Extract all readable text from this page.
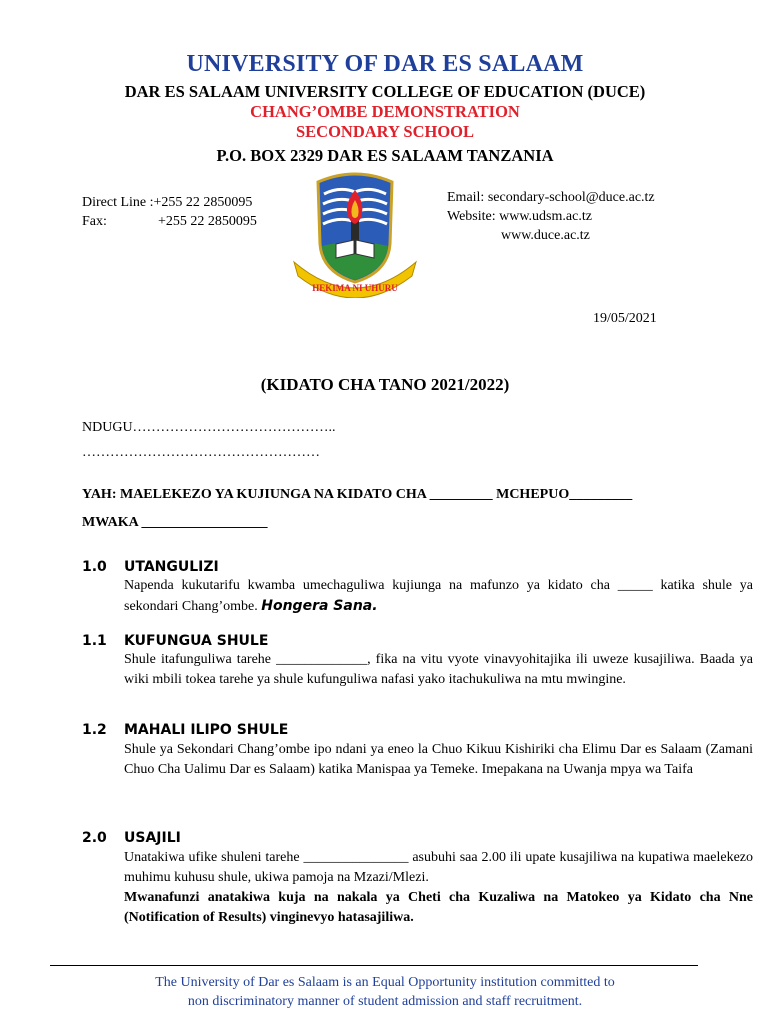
UNIVERSITY OF DAR ES SALAAM
DAR ES SALAAM UNIVERSITY COLLEGE OF EDUCATION (DUCE)
CHANG’OMBE DEMONSTRATION
SECONDARY SCHOOL
P.O. BOX 2329 DAR ES SALAAM TANZANIA
Direct Line :+255 22 2850095
Fax:	+255 22 2850095
Email: secondary-school@duce.ac.tz
Website: www.udsm.ac.tz
www.duce.ac.tz
HEKIMA NI UHURU
19/05/2021
(KIDATO CHA TANO 2021/2022)
NDUGU……………………………………..
……………………………………………
YAH: MAELEKEZO YA KUJIUNGA NA KIDATO CHA _________ MCHEPUO_________
MWAKA __________________
1.0 UTANGULIZI
Napenda kukutarifu kwamba umechaguliwa kujiunga na mafunzo ya kidato cha _____ katika shule ya sekondari Chang’ombe. Hongera Sana.
1.1 KUFUNGUA SHULE
Shule itafunguliwa tarehe _____________, fika na vitu vyote vinavyohitajika ili uweze kusajiliwa. Baada ya wiki mbili tokea tarehe ya shule kufunguliwa nafasi yako itachukuliwa na mtu mwingine.
1.2 MAHALI ILIPO SHULE
Shule ya Sekondari Chang’ombe ipo ndani ya eneo la Chuo Kikuu Kishiriki cha Elimu Dar es Salaam (Zamani Chuo Cha Ualimu Dar es Salaam) katika Manispaa ya Temeke. Imepakana na Uwanja mpya wa Taifa
2.0 USAJILI
Unatakiwa ufike shuleni tarehe _______________ asubuhi saa 2.00 ili upate kusajiliwa na kupatiwa maelekezo muhimu kuhusu shule, ukiwa pamoja na Mzazi/Mlezi.
Mwanafunzi anatakiwa kuja na nakala ya Cheti cha Kuzaliwa na Matokeo ya Kidato cha Nne (Notification of Results) vinginevyo hatasajiliwa.
The University of Dar es Salaam is an Equal Opportunity institution committed to
non discriminatory manner of student admission and staff recruitment.
